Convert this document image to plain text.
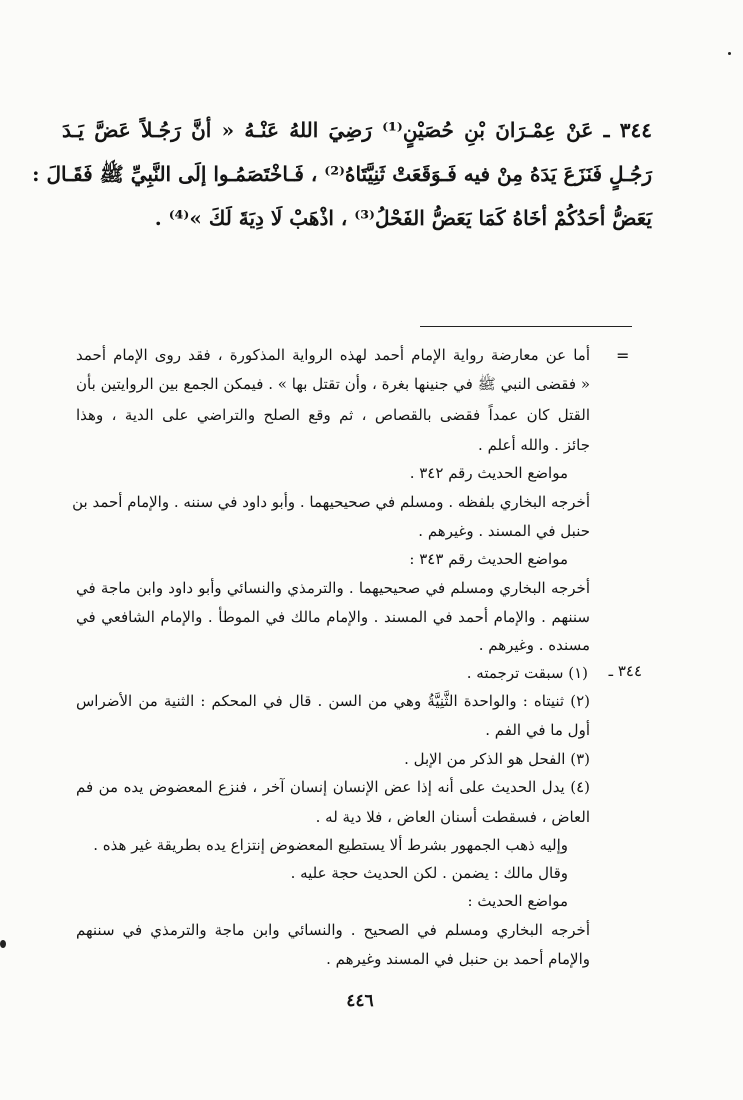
٣٤٤ ـ عَنْ عِمْـرَانَ بْنِ حُصَيْنٍ⁽¹⁾ رَضِيَ اللهُ عَنْـهُ « أنَّ رَجُـلاً عَضَّ يَـدَ
رَجُـلٍ فَنَزَعَ يَدَهُ مِنْ فيه فَـوَقَعَتْ ثَنِيَّتَاهُ⁽²⁾ ، فَـاخْتَصَمُـوا إلَى النَّبِيِّ ﷺ فَقَـالَ :
يَعَضُّ أحَدُكُمْ أخَاهُ كَمَا يَعَضُّ الفَحْلُ⁽³⁾ ، اذْهَبْ لَا دِيَةَ لَكَ »⁽⁴⁾ .
=
أما عن معارضة رواية الإمام أحمد لهذه الرواية المذكورة ، فقد روى الإمام أحمد
« فقضى النبي ﷺ في جنينها بغرة ، وأن تقتل بها » . فيمكن الجمع بين الروايتين بأن
القتل كان عمداً فقضى بالقصاص ، ثم وقع الصلح والتراضي على الدية ، وهذا
جائز . والله أعلم .
مواضع الحديث رقم ٣٤٢ .
أخرجه البخاري بلفظه . ومسلم في صحيحيهما . وأبو داود في سننه . والإمام أحمد بن
حنبل في المسند . وغيرهم .
مواضع الحديث رقم ٣٤٣ :
أخرجه البخاري ومسلم في صحيحيهما . والترمذي والنسائي وأبو داود وابن ماجة في
سننهم . والإمام أحمد في المسند . والإمام مالك في الموطأ . والإمام الشافعي في
مسنده . وغيرهم .
٣٤٤ ـ
(١) سبقت ترجمته .
(٢) ثنيتاه : والواحدة الثَّنِيَّةُ وهي من السن . قال في المحكم : الثنية من الأضراس
أول ما في الفم .
(٣) الفحل هو الذكر من الإبل .
(٤) يدل الحديث على أنه إذا عض الإنسان إنسان آخر ، فنزع المعضوض يده من فم
العاض ، فسقطت أسنان العاض ، فلا دية له .
وإليه ذهب الجمهور بشرط ألا يستطيع المعضوض إنتزاع يده بطريقة غير هذه .
وقال مالك : يضمن . لكن الحديث حجة عليه .
مواضع الحديث :
أخرجه البخاري ومسلم في الصحيح . والنسائي وابن ماجة والترمذي في سننهم
والإمام أحمد بن حنبل في المسند وغيرهم .
٤٤٦
